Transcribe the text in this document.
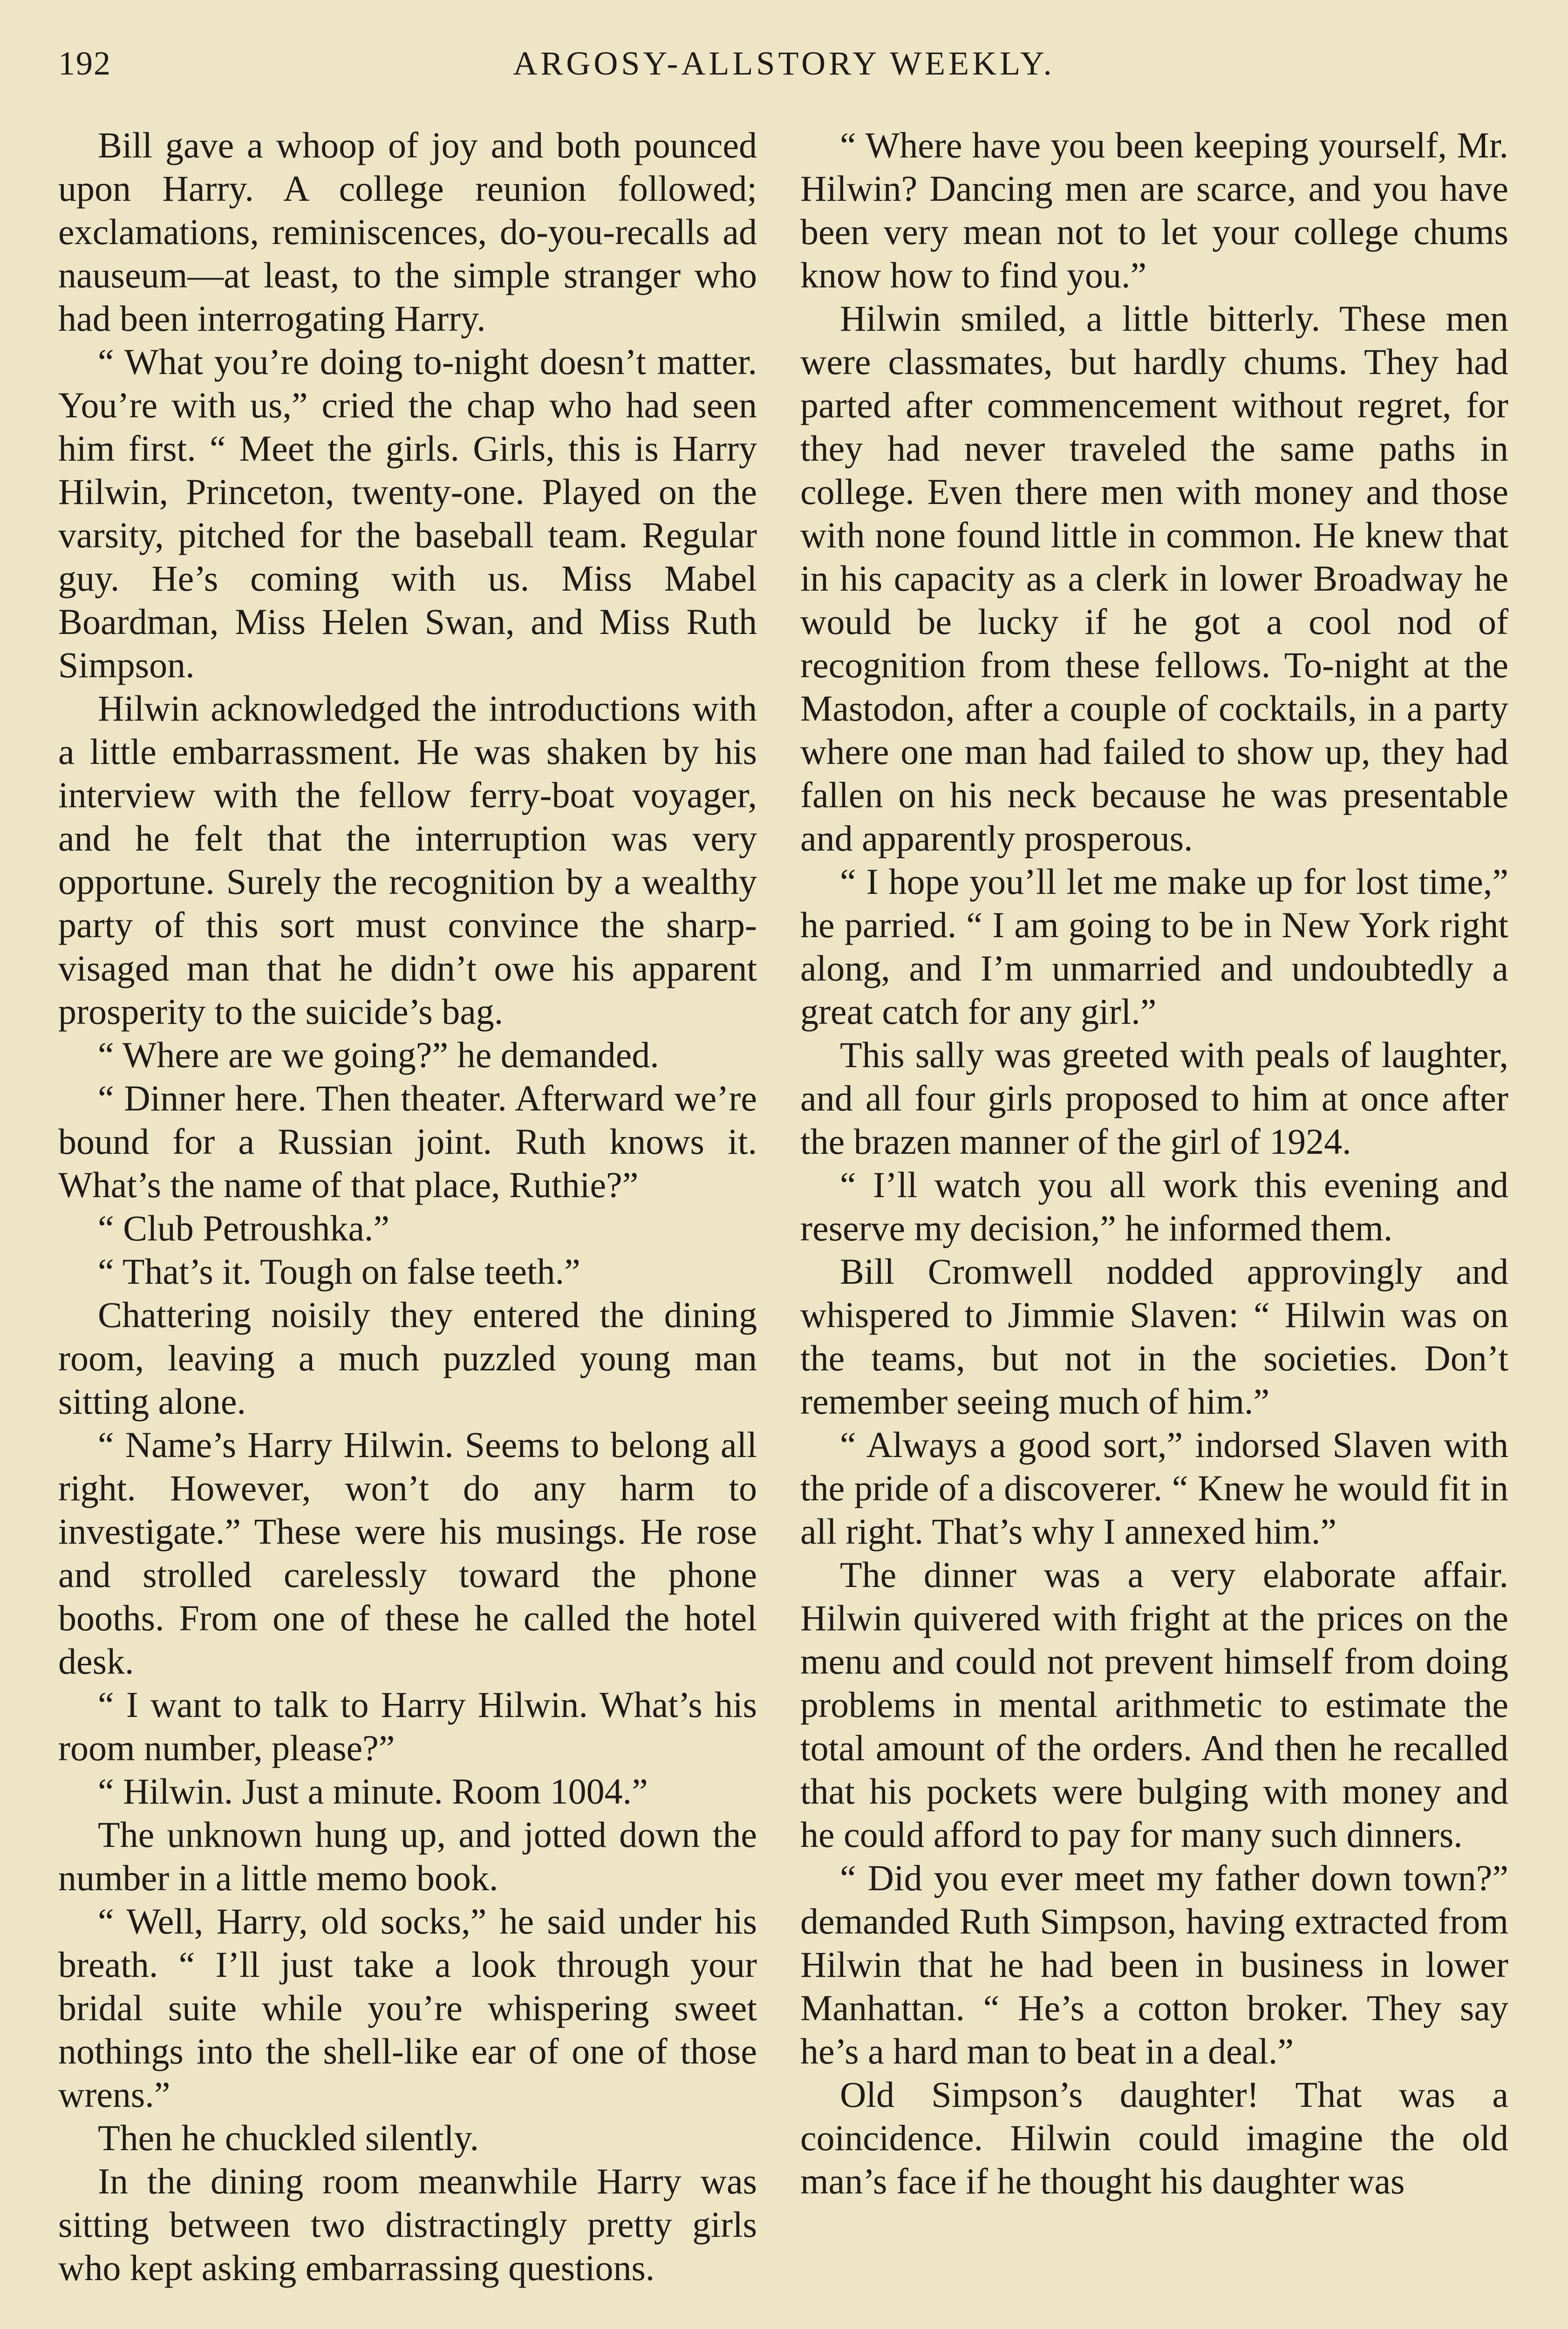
192	ARGOSY-ALLSTORY WEEKLY.

Bill gave a whoop of joy and both pounced upon Harry. A college reunion followed; exclamations, reminiscences, do-you-recalls ad nauseum—at least, to the simple stranger who had been interrogating Harry.

“ What you’re doing to-night doesn’t matter. You’re with us,” cried the chap who had seen him first. “ Meet the girls. Girls, this is Harry Hilwin, Princeton, twenty-one. Played on the varsity, pitched for the baseball team. Regular guy. He’s coming with us. Miss Mabel Boardman, Miss Helen Swan, and Miss Ruth Simpson.

Hilwin acknowledged the introductions with a little embarrassment. He was shaken by his interview with the fellow ferry-boat voyager, and he felt that the interruption was very opportune. Surely the recognition by a wealthy party of this sort must convince the sharp-visaged man that he didn’t owe his apparent prosperity to the suicide’s bag.

“ Where are we going?” he demanded.

“ Dinner here. Then theater. Afterward we’re bound for a Russian joint. Ruth knows it. What’s the name of that place, Ruthie?”

“ Club Petroushka.”

“ That’s it. Tough on false teeth.”

Chattering noisily they entered the dining room, leaving a much puzzled young man sitting alone.

“ Name’s Harry Hilwin. Seems to belong all right. However, won’t do any harm to investigate.” These were his musings. He rose and strolled carelessly toward the phone booths. From one of these he called the hotel desk.

“ I want to talk to Harry Hilwin. What’s his room number, please?”

“ Hilwin. Just a minute. Room 1004.”

The unknown hung up, and jotted down the number in a little memo book.

“ Well, Harry, old socks,” he said under his breath. “ I’ll just take a look through your bridal suite while you’re whispering sweet nothings into the shell-like ear of one of those wrens.”

Then he chuckled silently.

In the dining room meanwhile Harry was sitting between two distractingly pretty girls who kept asking embarrassing questions.

“ Where have you been keeping yourself, Mr. Hilwin? Dancing men are scarce, and you have been very mean not to let your college chums know how to find you.”

Hilwin smiled, a little bitterly. These men were classmates, but hardly chums. They had parted after commencement without regret, for they had never traveled the same paths in college. Even there men with money and those with none found little in common. He knew that in his capacity as a clerk in lower Broadway he would be lucky if he got a cool nod of recognition from these fellows. To-night at the Mastodon, after a couple of cocktails, in a party where one man had failed to show up, they had fallen on his neck because he was presentable and apparently prosperous.

“ I hope you’ll let me make up for lost time,” he parried. “ I am going to be in New York right along, and I’m unmarried and undoubtedly a great catch for any girl.”

This sally was greeted with peals of laughter, and all four girls proposed to him at once after the brazen manner of the girl of 1924.

“ I’ll watch you all work this evening and reserve my decision,” he informed them.

Bill Cromwell nodded approvingly and whispered to Jimmie Slaven: “ Hilwin was on the teams, but not in the societies. Don’t remember seeing much of him.”

“ Always a good sort,” indorsed Slaven with the pride of a discoverer. “ Knew he would fit in all right. That’s why I annexed him.”

The dinner was a very elaborate affair. Hilwin quivered with fright at the prices on the menu and could not prevent himself from doing problems in mental arithmetic to estimate the total amount of the orders. And then he recalled that his pockets were bulging with money and he could afford to pay for many such dinners.

“ Did you ever meet my father down town?” demanded Ruth Simpson, having extracted from Hilwin that he had been in business in lower Manhattan. “ He’s a cotton broker. They say he’s a hard man to beat in a deal.”

Old Simpson’s daughter! That was a coincidence. Hilwin could imagine the old man’s face if he thought his daughter was
